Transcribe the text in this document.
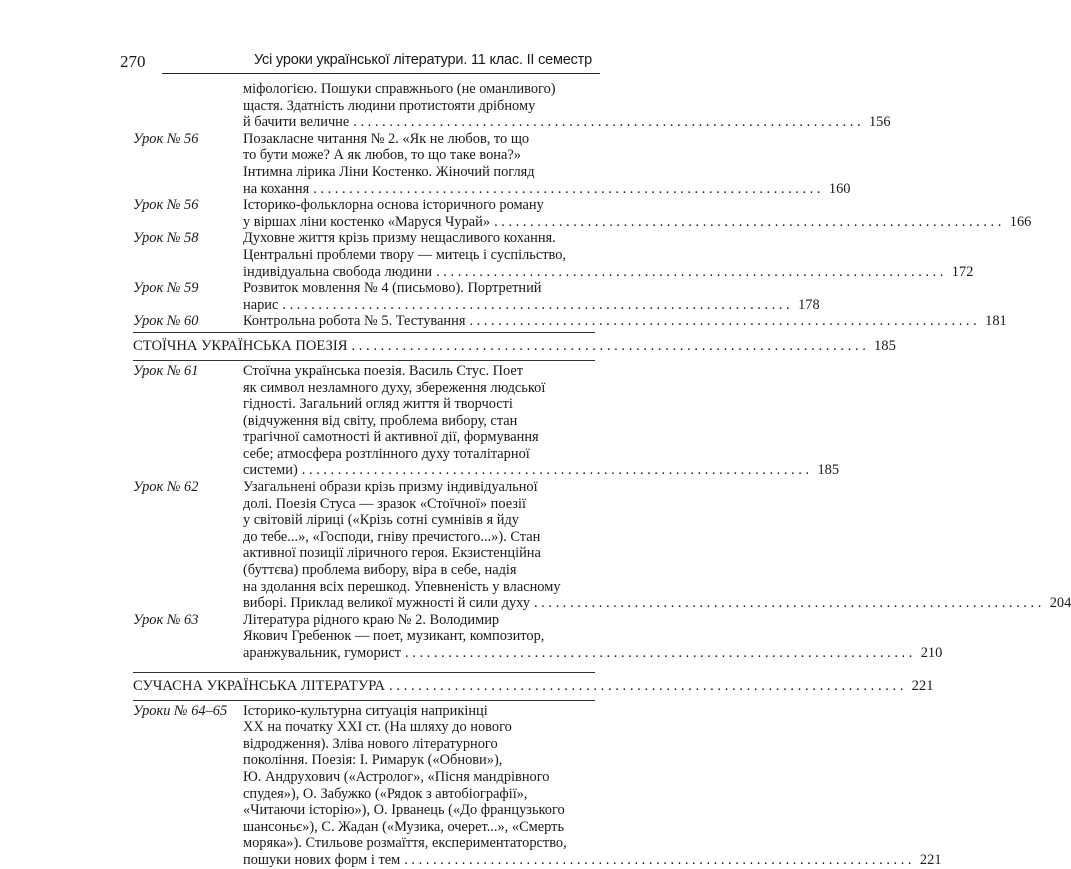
270	Усі уроки української літератури. 11 клас. ІІ семестр
міфологією. Пошуки справжнього (не оманливого)
щастя. Здатність людини протистояти дрібному
й бачити величне . . .	156
Урок № 56	Позакласне читання № 2. «Як не любов, то що
то бути може? А як любов, то що таке вона?»
Інтимна лірика Ліни Костенко. Жіночий погляд
на кохання . . .	160
Урок № 56	Історико-фольклорна основа історичного роману
у віршах ліни костенко «Маруся Чурай» . . .	166
Урок № 58	Духовне життя крізь призму нещасливого кохання.
Центральні проблеми твору — митець і суспільство,
індивідуальна свобода людини . . .	172
Урок № 59	Розвиток мовлення № 4 (письмово). Портретний
нарис . . .	178
Урок № 60	Контрольна робота № 5. Тестування . . .	181
СТОЇЧНА УКРАЇНСЬКА ПОЕЗІЯ . . .	185
Урок № 61	Стоїчна українська поезія. Василь Стус. Поет
як символ незламного духу, збереження людської
гідності. Загальний огляд життя й творчості
(відчуження від світу, проблема вибору, стан
трагічної самотності й активної дії, формування
себе; атмосфера розтлінного духу тоталітарної
системи) . . .	185
Урок № 62	Узагальнені образи крізь призму індивідуальної
долі. Поезія Стуса — зразок «Стоїчної» поезії
у світовій ліриці («Крізь сотні сумнівів я йду
до тебе...», «Господи, гніву пречистого...»). Стан
активної позиції ліричного героя. Екзистенційна
(буттєва) проблема вибору, віра в себе, надія
на здолання всіх перешкод. Упевненість у власному
виборі. Приклад великої мужності й сили духу . . .	204
Урок № 63	Література рідного краю № 2. Володимир
Якович Гребенюк — поет, музикант, композитор,
аранжувальник, гуморист . . .	210
СУЧАСНА УКРАЇНСЬКА ЛІТЕРАТУРА . . .	221
Уроки № 64–65	Історико-культурна ситуація наприкінці
XX на початку XXI ст. (На шляху до нового
відродження). Зліва нового літературного
покоління. Поезія: І. Римарук («Обнови»),
Ю. Андрухович («Астролог», «Пісня мандрівного
спудея»), О. Забужко («Рядок з автобіографії»,
«Читаючи історію»), О. Ірванець («До французького
шансоньє»), С. Жадан («Музика, очерет...», «Смерть
моряка»). Стильове розмаїття, експериментаторство,
пошуки нових форм і тем . . .	221
